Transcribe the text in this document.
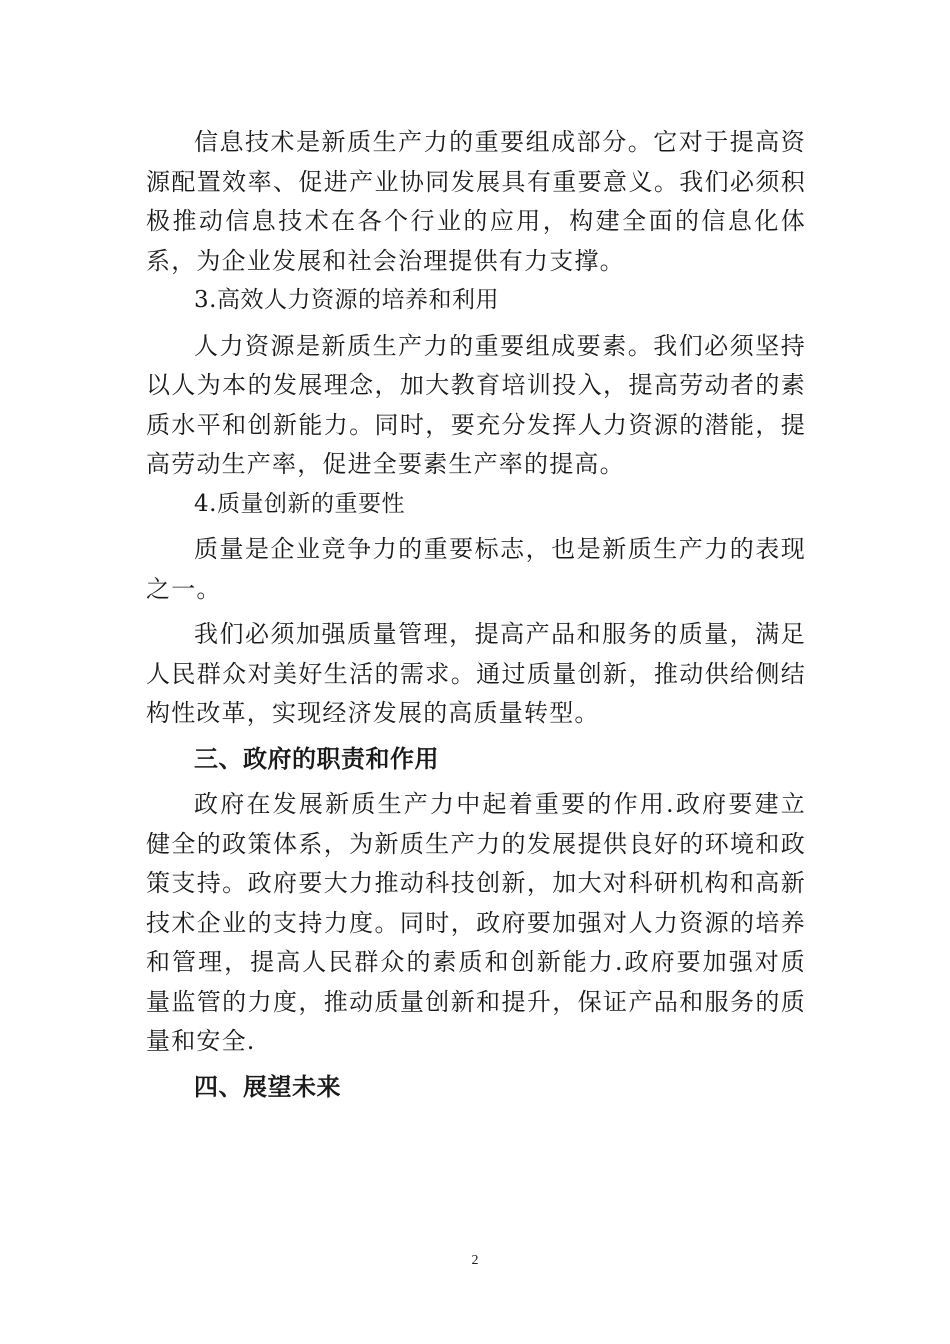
信息技术是新质生产力的重要组成部分。它对于提高资源配置效率、促进产业协同发展具有重要意义。我们必须积极推动信息技术在各个行业的应用，构建全面的信息化体系，为企业发展和社会治理提供有力支撑。

3.高效人力资源的培养和利用

人力资源是新质生产力的重要组成要素。我们必须坚持以人为本的发展理念，加大教育培训投入，提高劳动者的素质水平和创新能力。同时，要充分发挥人力资源的潜能，提高劳动生产率，促进全要素生产率的提高。

4.质量创新的重要性

质量是企业竞争力的重要标志，也是新质生产力的表现之一。

我们必须加强质量管理，提高产品和服务的质量，满足人民群众对美好生活的需求。通过质量创新，推动供给侧结构性改革，实现经济发展的高质量转型。

三、政府的职责和作用

政府在发展新质生产力中起着重要的作用.政府要建立健全的政策体系，为新质生产力的发展提供良好的环境和政策支持。政府要大力推动科技创新，加大对科研机构和高新技术企业的支持力度。同时，政府要加强对人力资源的培养和管理，提高人民群众的素质和创新能力.政府要加强对质量监管的力度，推动质量创新和提升，保证产品和服务的质量和安全.

四、展望未来

2
